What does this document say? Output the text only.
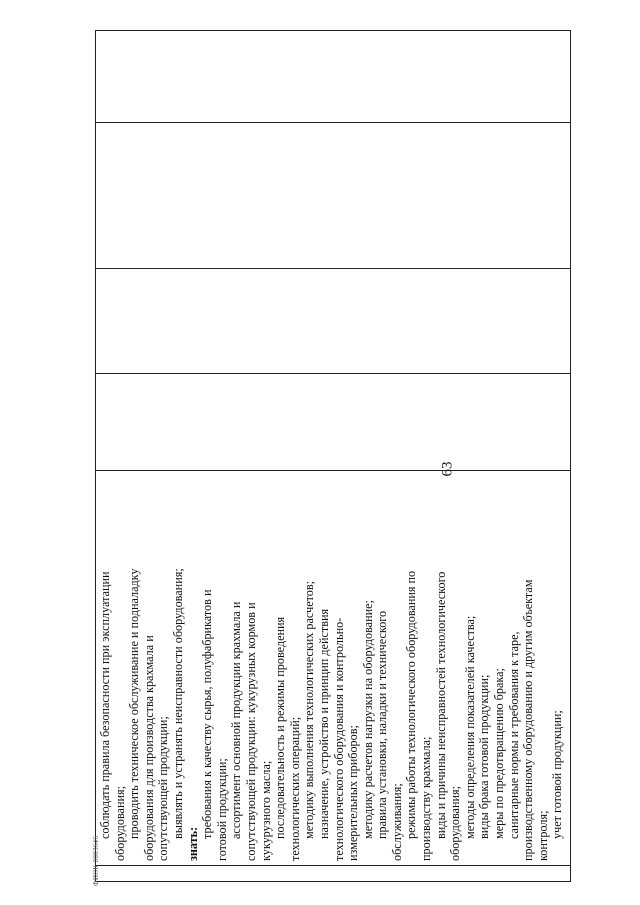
соблюдать правила безопасности при эксплуатации оборудования; проводить техническое обслуживание и подналадку оборудования для производства крахмала и сопутствующей продукции; выявлять и устранять неисправности оборудования;
знать:
требования к качеству сырья, полуфабрикатов и готовой продукции; ассортимент основной продукции крахмала и сопутствующей продукции: кукурузных кормов и кукурузного масла; последовательность и режимы проведения технологических операций; методику выполнения технологических расчетов; назначение, устройство и принцип действия технологического оборудования и контрольно- измерительных приборов; методику расчетов нагрузки на оборудование; правила установки, наладки и технического обслуживания; режимы работы технологического оборудования по производству крахмала; виды и причины неисправностей технологического оборудования; методы определения показателей качества; виды брака готовой продукции; меры по предотвращению брака; санитарные нормы и требования к таре, производственному оборудованию и другим объектам контроля; учет готовой продукции;

63
ФИОК 0003646
